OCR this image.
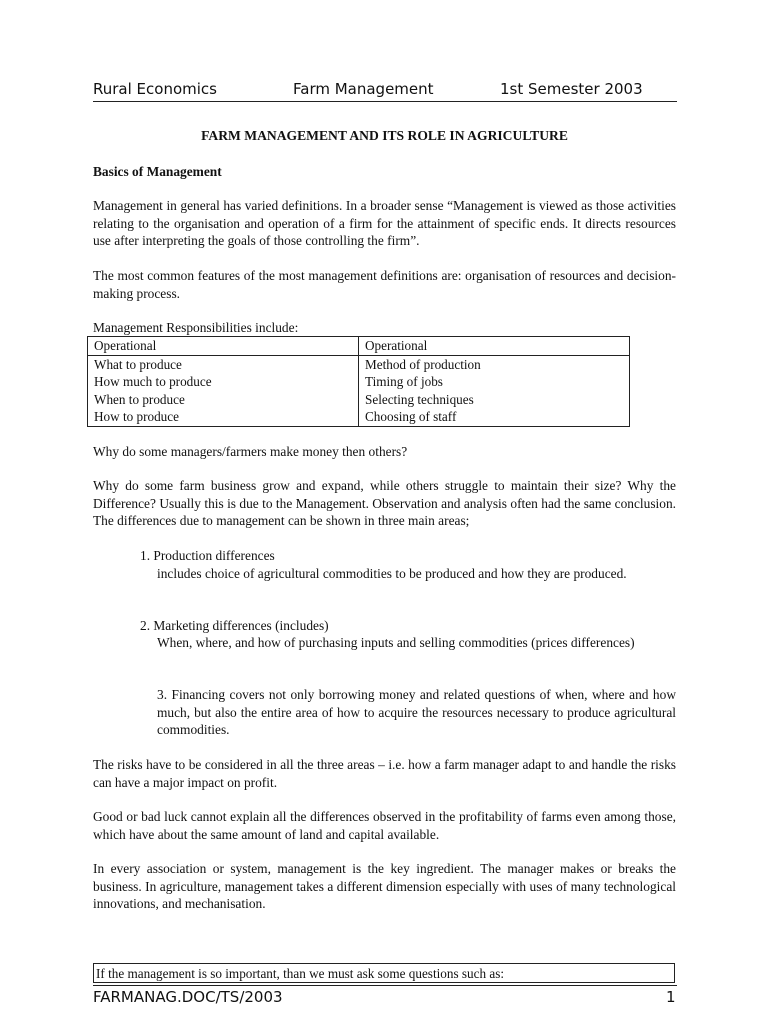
Rural Economics	Farm Management	1st Semester 2003
FARM MANAGEMENT AND ITS ROLE IN AGRICULTURE
Basics of Management

Management in general has varied definitions. In a broader sense “Management is viewed as those activities relating to the organisation and operation of a firm for the attainment of specific ends. It directs resources use after interpreting the goals of those controlling the firm”.

The most common features of the most management definitions are: organisation of resources and decision-making process.

Management Responsibilities include:

Operational	Operational
What to produce	Method of production
How much to produce	Timing of jobs
When to produce	Selecting techniques
How to produce	Choosing of staff

Why do some managers/farmers make money then others?

Why do some farm business grow and expand, while others struggle to maintain their size? Why the Difference? Usually this is due to the Management. Observation and analysis often had the same conclusion. The differences due to management can be shown in three main areas;

1. Production differences

includes choice of agricultural commodities to be produced and how they are produced.

2. Marketing differences (includes)

When, where, and how of purchasing inputs and selling commodities (prices differences)

3. Financing covers not only borrowing money and related questions of when, where and how much, but also the entire area of how to acquire the resources necessary to produce agricultural commodities.

The risks have to be considered in all the three areas – i.e. how a farm manager adapt to and handle the risks can have a major impact on profit.

Good or bad luck cannot explain all the differences observed in the profitability of farms even among those, which have about the same amount of land and capital available.

In every association or system, management is the key ingredient. The manager makes or breaks the business. In agriculture, management takes a different dimension especially with uses of many technological innovations, and mechanisation.

If the management is so important, than we must ask some questions such as:
FARMANAG.DOC/TS/2003	1
